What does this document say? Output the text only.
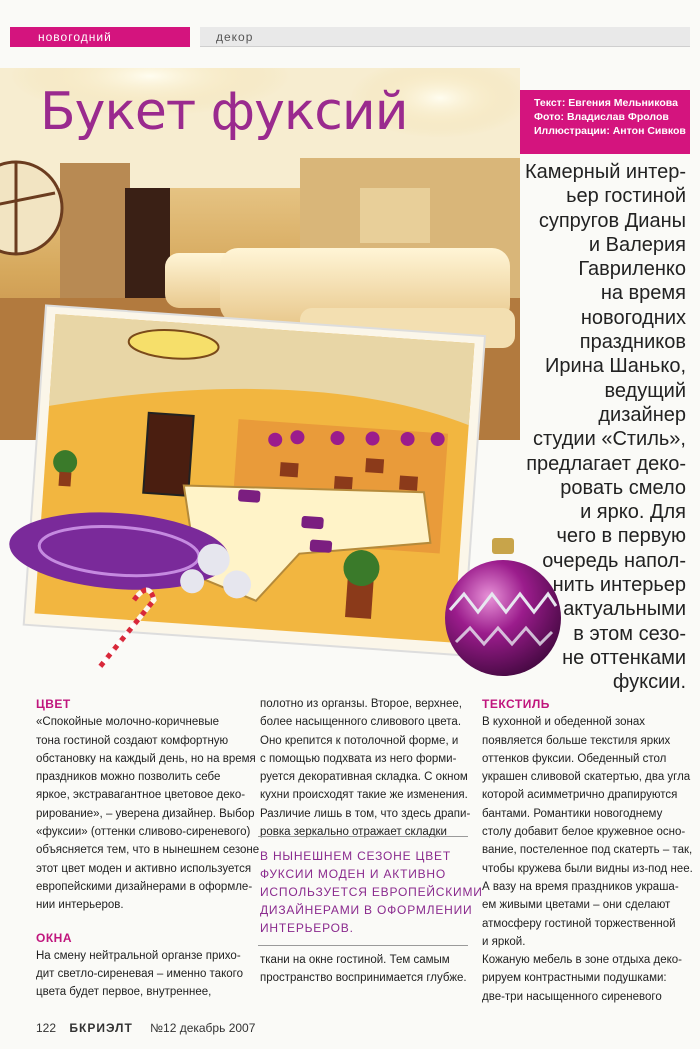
новогодний	декор
Текст: Евгения Мельникова
Фото: Владислав Фролов
Иллюстрации: Антон Сивков
Букет фуксий
Камерный интер-
ьер гостиной
супругов Дианы
и Валерия
Гавриленко
на время
новогодних
праздников
Ирина Шанько,
ведущий
дизайнер
студии «Стиль»,
предлагает деко-
ровать смело
и ярко. Для
чего в первую
очередь напол-
нить интерьер
актуальными
в этом сезо-
не оттенками
фуксии.
ЦВЕТ
«Спокойные молочно-коричневые
тона гостиной создают комфортную
обстановку на каждый день, но на время
праздников можно позволить себе
яркое, экстравагантное цветовое деко-
рирование», – уверена дизайнер. Выбор
«фуксии» (оттенки сливово-сиреневого)
объясняется тем, что в нынешнем сезоне
этот цвет моден и активно используется
европейскими дизайнерами в оформле-
нии интерьеров.
ОКНА
На смену нейтральной органзе прихо-
дит светло-сиреневая – именно такого
цвета будет первое, внутреннее,
полотно из органзы. Второе, верхнее,
более насыщенного сливового цвета.
Оно крепится к потолочной форме, и
с помощью подхвата из него форми-
руется декоративная складка. С окном
кухни происходят такие же изменения.
Различие лишь в том, что здесь драпи-
ровка зеркально отражает складки
В НЫНЕШНЕМ СЕЗОНЕ ЦВЕТ
ФУКСИИ МОДЕН И АКТИВНО
ИСПОЛЬЗУЕТСЯ ЕВРОПЕЙСКИМИ
ДИЗАЙНЕРАМИ В ОФОРМЛЕНИИ
ИНТЕРЬЕРОВ.
ткани на окне гостиной. Тем самым
пространство воспринимается глубже.
ТЕКСТИЛЬ
В кухонной и обеденной зонах
появляется больше текстиля ярких
оттенков фуксии. Обеденный стол
украшен сливовой скатертью, два угла
которой асимметрично драпируются
бантами. Романтики новогоднему
столу добавит белое кружевное осно-
вание, постеленное под скатерть – так,
чтобы кружева были видны из-под нее.
А вазу на время праздников украша-
ем живыми цветами – они сделают
атмосферу гостиной торжественной
и яркой.
Кожаную мебель в зоне отдыха деко-
рируем контрастными подушками:
две-три насыщенного сиреневого
122 БКРИЭЛТ №12 декабрь 2007
